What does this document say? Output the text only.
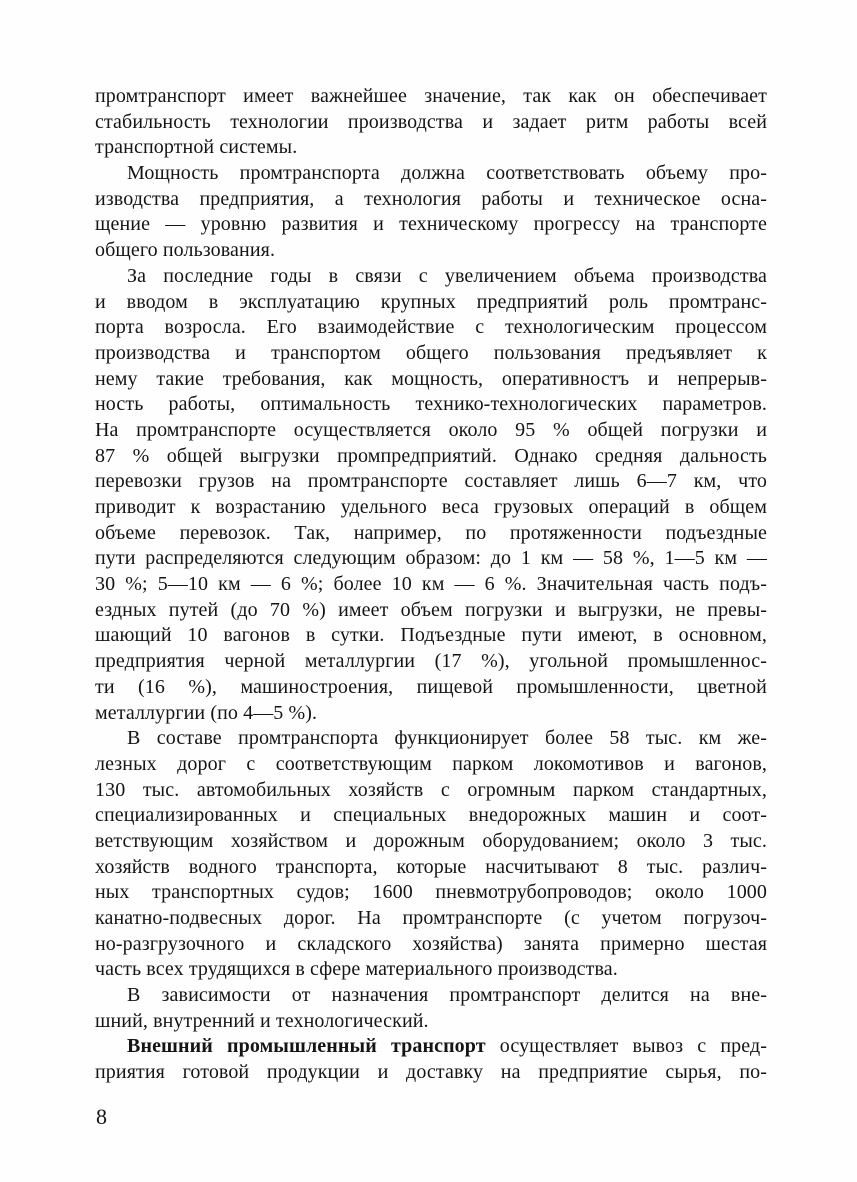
промтранспорт имеет важнейшее значение, так как он обеспечивает
стабильность технологии производства и задает ритм работы всей
транспортной системы.

Мощность промтранспорта должна соответствовать объему про-
изводства предприятия, а технология работы и техническое осна-
щение — уровню развития и техническому прогрессу на транспорте
общего пользования.

За последние годы в связи с увеличением объема производства
и вводом в эксплуатацию крупных предприятий роль промтранс-
порта возросла. Его взаимодействие с технологическим процессом
производства и транспортом общего пользования предъявляет к
нему такие требования, как мощность, оперативностъ и непрерыв-
ность работы, оптимальность технико-технологических параметров.
На промтранспорте осуществляется около 95 % общей погрузки и
87 % общей выгрузки промпредприятий. Однако средняя дальность
перевозки грузов на промтранспорте составляет лишь 6—7 км, что
приводит к возрастанию удельного веса грузовых операций в общем
объеме перевозок. Так, например, по протяженности подъездные
пути распределяются следующим образом: до 1 км — 58 %, 1—5 км —
30 %; 5—10 км — 6 %; более 10 км — 6 %. Значительная часть подъ-
ездных путей (до 70 %) имеет объем погрузки и выгрузки, не превы-
шающий 10 вагонов в сутки. Подъездные пути имеют, в основном,
предприятия черной металлургии (17 %), угольной промышленнос-
ти (16 %), машиностроения, пищевой промышленности, цветной
металлургии (по 4—5 %).

В составе промтранспорта функционирует более 58 тыс. км же-
лезных дорог с соответствующим парком локомотивов и вагонов,
130 тыс. автомобильных хозяйств с огромным парком стандартных,
специализированных и специальных внедорожных машин и соот-
ветствующим хозяйством и дорожным оборудованием; около 3 тыс.
хозяйств водного транспорта, которые насчитывают 8 тыс. различ-
ных транспортных судов; 1600 пневмотрубопроводов; около 1000
канатно-подвесных дорог. На промтранспорте (с учетом погрузоч-
но-разгрузочного и складского хозяйства) занята примерно шестая
часть всех трудящихся в сфере материального производства.

В зависимости от назначения промтранспорт делится на вне-
шний, внутренний и технологический.

Внешний промышленный транспорт осуществляет вывоз с пред-
приятия готовой продукции и доставку на предприятие сырья, по-

8
